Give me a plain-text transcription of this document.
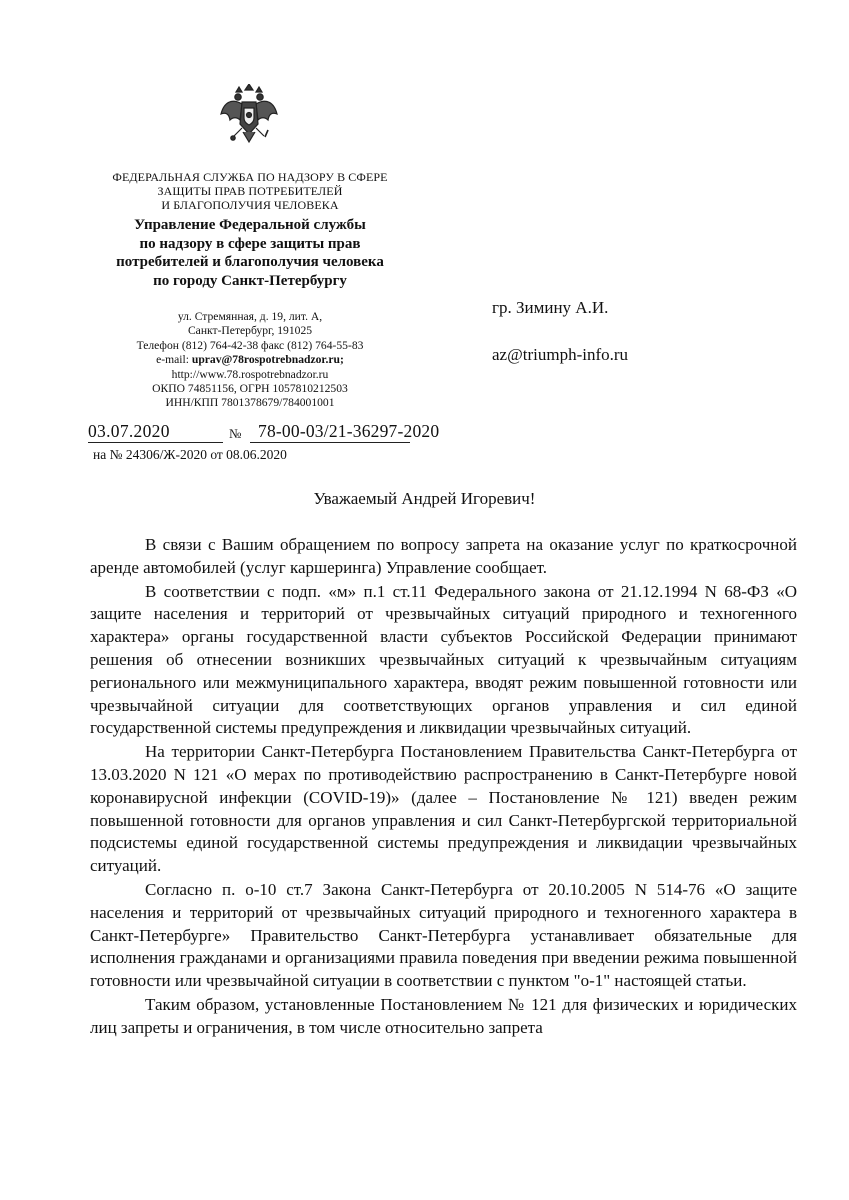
ФЕДЕРАЛЬНАЯ СЛУЖБА ПО НАДЗОРУ В СФЕРЕ
ЗАЩИТЫ ПРАВ ПОТРЕБИТЕЛЕЙ
И БЛАГОПОЛУЧИЯ ЧЕЛОВЕКА
Управление Федеральной службы
по надзору в сфере защиты прав
потребителей и благополучия человека
по городу Санкт-Петербургу
ул. Стремянная, д. 19, лит. А,
Санкт-Петербург, 191025
Телефон (812) 764-42-38 факс (812) 764-55-83
e-mail: uprav@78rospotrebnadzor.ru;
http://www.78.rospotrebnadzor.ru
ОКПО 74851156, ОГРН 1057810212503
ИНН/КПП 7801378679/784001001
гр. Зимину А.И.
az@triumph-info.ru
03.07.2020	№ 78-00-03/21-36297-2020
на № 24306/Ж-2020 от 08.06.2020
Уважаемый Андрей Игоревич!

В связи с Вашим обращением по вопросу запрета на оказание услуг по краткосрочной аренде автомобилей (услуг каршеринга) Управление сообщает.

В соответствии с подп. «м» п.1 ст.11 Федерального закона от 21.12.1994 N 68-ФЗ «О защите населения и территорий от чрезвычайных ситуаций природного и техногенного характера» органы государственной власти субъектов Российской Федерации принимают решения об отнесении возникших чрезвычайных ситуаций к чрезвычайным ситуациям регионального или межмуниципального характера, вводят режим повышенной готовности или чрезвычайной ситуации для соответствующих органов управления и сил единой государственной системы предупреждения и ликвидации чрезвычайных ситуаций.

На территории Санкт-Петербурга Постановлением Правительства Санкт-Петербурга от 13.03.2020 N 121 «О мерах по противодействию распространению в Санкт-Петербурге новой коронавирусной инфекции (COVID-19)» (далее – Постановление № 121) введен режим повышенной готовности для органов управления и сил Санкт-Петербургской территориальной подсистемы единой государственной системы предупреждения и ликвидации чрезвычайных ситуаций.

Согласно п. о-10 ст.7 Закона Санкт-Петербурга от 20.10.2005 N 514-76 «О защите населения и территорий от чрезвычайных ситуаций природного и техногенного характера в Санкт-Петербурге» Правительство Санкт-Петербурга устанавливает обязательные для исполнения гражданами и организациями правила поведения при введении режима повышенной готовности или чрезвычайной ситуации в соответствии с пунктом "о-1" настоящей статьи.

Таким образом, установленные Постановлением № 121 для физических и юридических лиц запреты и ограничения, в том числе относительно запрета
